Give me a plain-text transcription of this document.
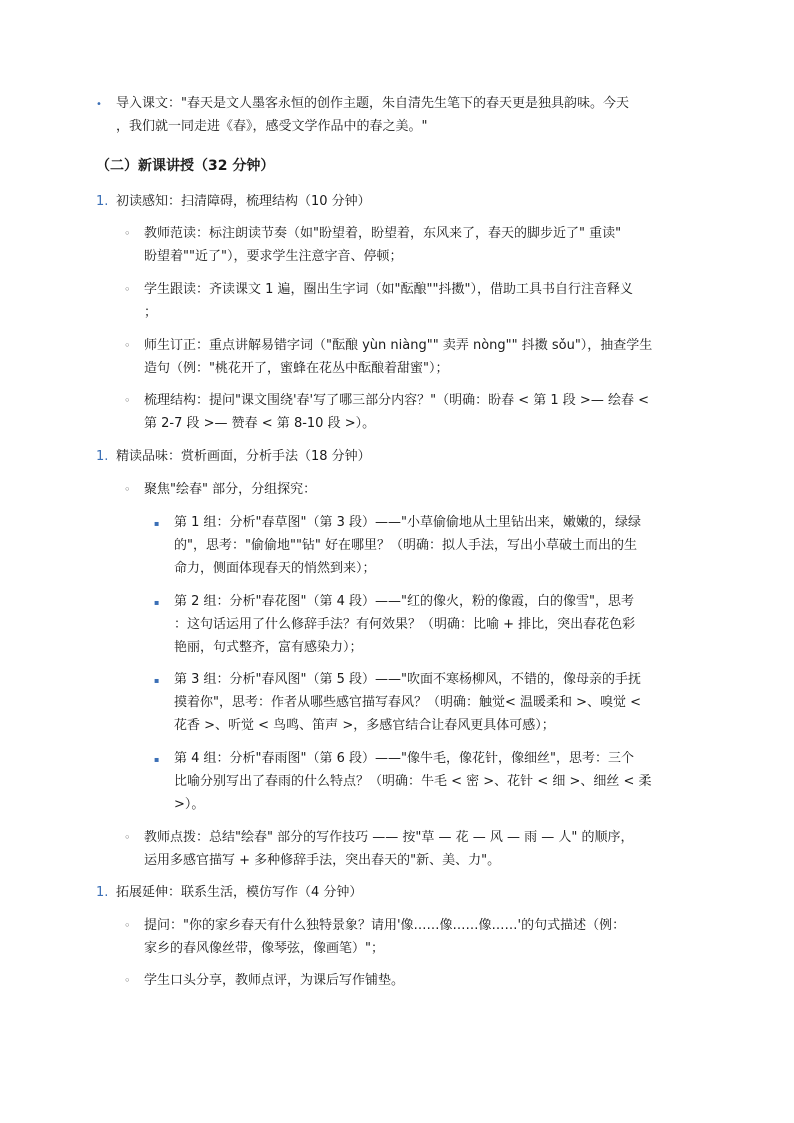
• 导入课文："春天是文人墨客永恒的创作主题，朱自清先生笔下的春天更是独具韵味。今天
，我们就一同走进《春》，感受文学作品中的春之美。"
（二）新课讲授（32 分钟）
1. 初读感知：扫清障碍，梳理结构（10 分钟）
◦ 教师范读：标注朗读节奏（如"盼望着，盼望着，东风来了，春天的脚步近了" 重读"
盼望着""近了"），要求学生注意字音、停顿；
◦ 学生跟读：齐读课文 1 遍，圈出生字词（如"酝酿""抖擞"），借助工具书自行注音释义
；
◦ 师生订正：重点讲解易错字词（"酝酿 yùn niàng"" 卖弄 nòng"" 抖擞 sǒu"），抽查学生
造句（例："桃花开了，蜜蜂在花丛中酝酿着甜蜜"）；
◦ 梳理结构：提问"课文围绕'春'写了哪三部分内容？"（明确：盼春 < 第 1 段 >— 绘春 <
第 2-7 段 >— 赞春 < 第 8-10 段 >）。
1. 精读品味：赏析画面，分析手法（18 分钟）
◦ 聚焦"绘春" 部分，分组探究：
▪ 第 1 组：分析"春草图"（第 3 段）——"小草偷偷地从土里钻出来，嫩嫩的，绿绿
的"，思考："偷偷地""钻" 好在哪里？（明确：拟人手法，写出小草破土而出的生
命力，侧面体现春天的悄然到来）；
▪ 第 2 组：分析"春花图"（第 4 段）——"红的像火，粉的像霞，白的像雪"，思考
：这句话运用了什么修辞手法？有何效果？（明确：比喻 + 排比，突出春花色彩
艳丽，句式整齐，富有感染力）；
▪ 第 3 组：分析"春风图"（第 5 段）——"吹面不寒杨柳风，不错的，像母亲的手抚
摸着你"，思考：作者从哪些感官描写春风？（明确：触觉< 温暖柔和 >、嗅觉 <
花香 >、听觉 < 鸟鸣、笛声 >，多感官结合让春风更具体可感）；
▪ 第 4 组：分析"春雨图"（第 6 段）——"像牛毛，像花针，像细丝"，思考：三个
比喻分别写出了春雨的什么特点？（明确：牛毛 < 密 >、花针 < 细 >、细丝 < 柔
>）。
◦ 教师点拨：总结"绘春" 部分的写作技巧 —— 按"草 — 花 — 风 — 雨 — 人" 的顺序，
运用多感官描写 + 多种修辞手法，突出春天的"新、美、力"。
1. 拓展延伸：联系生活，模仿写作（4 分钟）
◦ 提问："你的家乡春天有什么独特景象？请用'像……像……像……'的句式描述（例：
家乡的春风像丝带，像琴弦，像画笔）"；
◦ 学生口头分享，教师点评，为课后写作铺垫。
